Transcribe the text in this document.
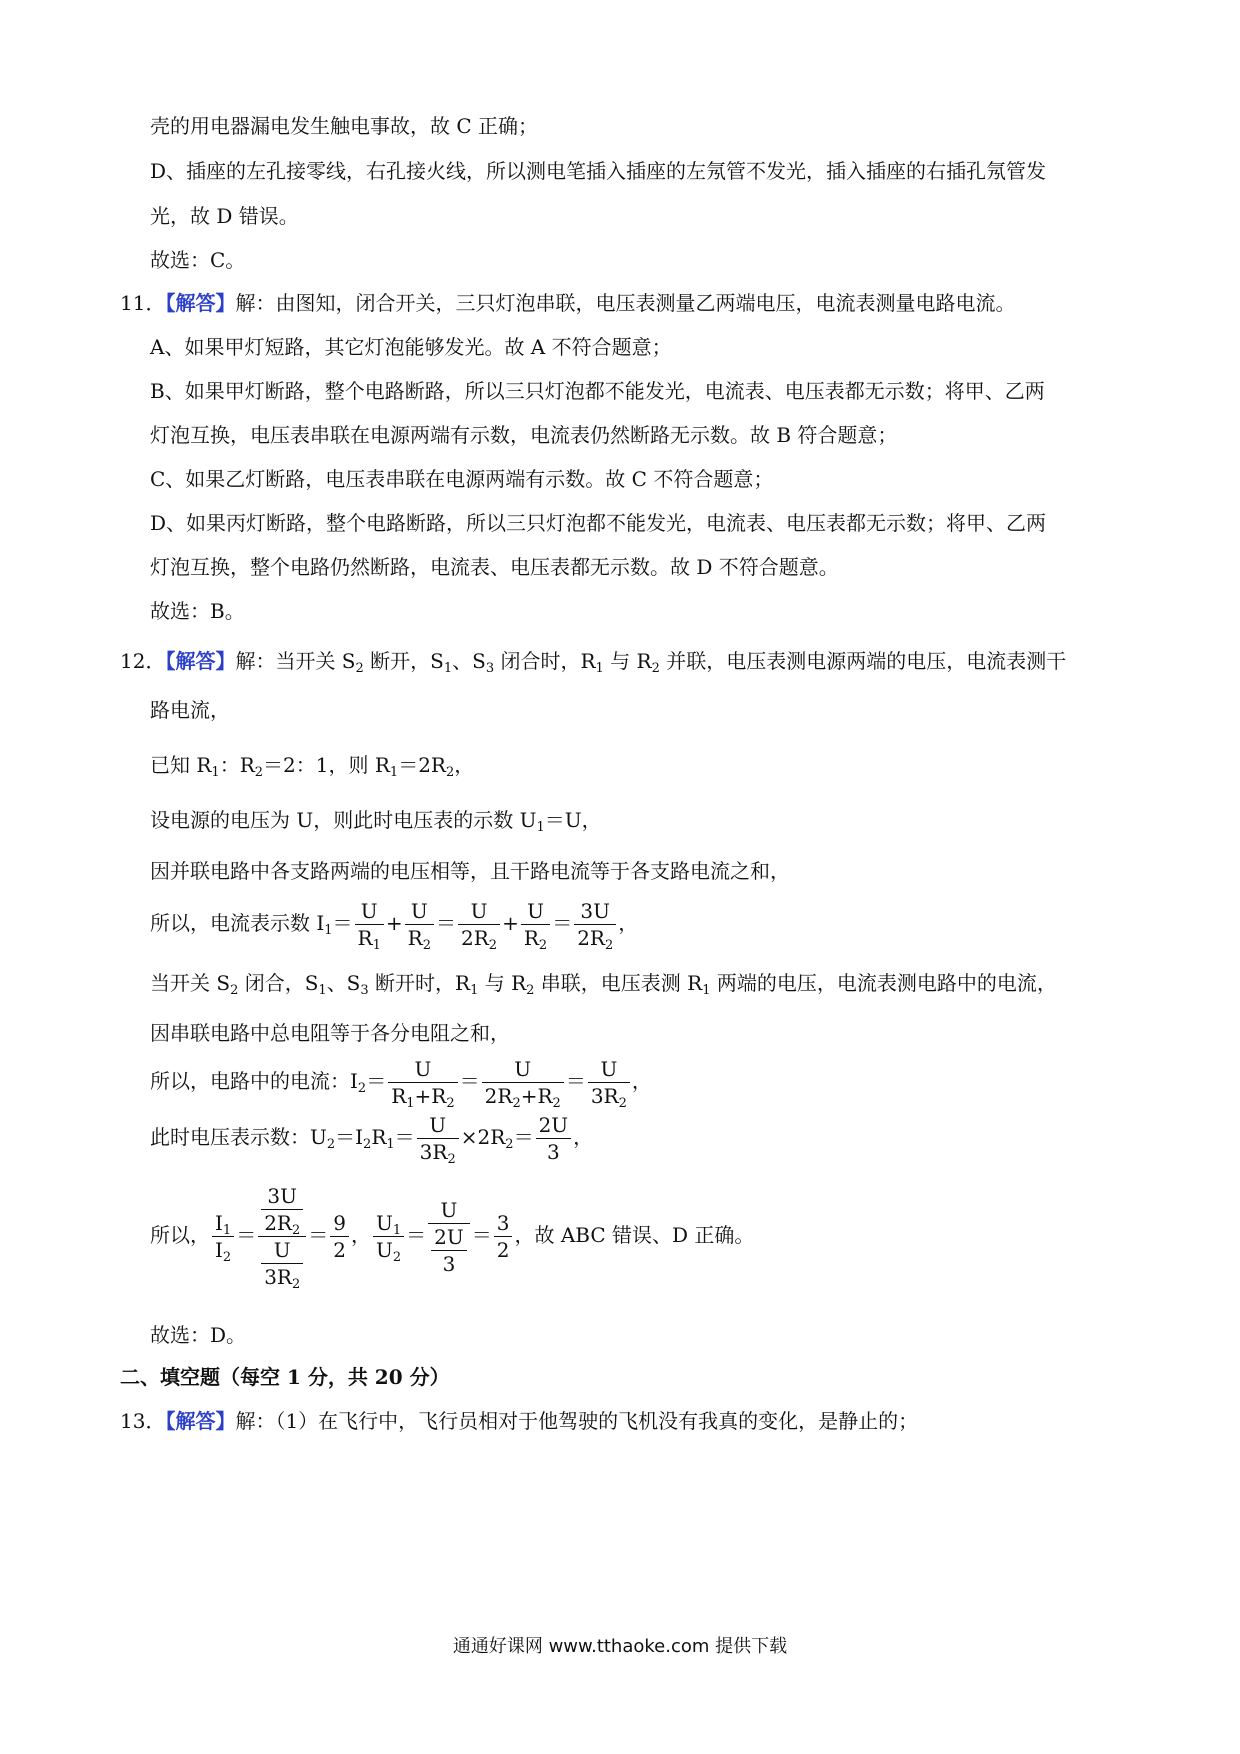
壳的用电器漏电发生触电事故，故 C 正确；
D、插座的左孔接零线，右孔接火线，所以测电笔插入插座的左氖管不发光，插入插座的右插孔氖管发
光，故 D 错误。
故选：C。
11．【解答】解：由图知，闭合开关，三只灯泡串联，电压表测量乙两端电压，电流表测量电路电流。
A、如果甲灯短路，其它灯泡能够发光。故 A 不符合题意；
B、如果甲灯断路，整个电路断路，所以三只灯泡都不能发光，电流表、电压表都无示数；将甲、乙两
灯泡互换，电压表串联在电源两端有示数，电流表仍然断路无示数。故 B 符合题意；
C、如果乙灯断路，电压表串联在电源两端有示数。故 C 不符合题意；
D、如果丙灯断路，整个电路断路，所以三只灯泡都不能发光，电流表、电压表都无示数；将甲、乙两
灯泡互换，整个电路仍然断路，电流表、电压表都无示数。故 D 不符合题意。
故选：B。
12．【解答】解：当开关 $S_2$ 断开，$S_1$、$S_3$ 闭合时，$R_1$ 与 $R_2$ 并联，电压表测电源两端的电压，电流表测干
路电流，
已知 $R_1$：$R_2=2$：1，则 $R_1=2R_2$，
设电源的电压为 U，则此时电压表的示数 $U_1=U$，
因并联电路中各支路两端的电压相等，且干路电流等于各支路电流之和，
所以，电流表示数 $I_1= \frac{U}{R_1} + \frac{U}{R_2} = \frac{U}{2R_2} + \frac{U}{R_2} = \frac{3U}{2R_2}$ ，
当开关 $S_2$ 闭合，$S_1$、$S_3$ 断开时，$R_1$ 与 $R_2$ 串联，电压表测 $R_1$ 两端的电压，电流表测电路中的电流，
因串联电路中总电阻等于各分电阻之和，
所以，电路中的电流：$I_2= \frac{U}{R_1+R_2} = \frac{U}{2R_2+R_2} = \frac{U}{3R_2}$ ，
此时电压表示数：$U_2=I_2R_1= \frac{U}{3R_2} \times 2R_2= \frac{2U}{3}$ ，
所以， $\frac{I_1}{I_2} = \frac{\frac{3U}{2R_2}}{\frac{U}{3R_2}} = \frac{9}{2}$ ， $\frac{U_1}{U_2} = \frac{U}{\frac{2U}{3}} = \frac{3}{2}$ ，故 ABC 错误、D 正确。
故选：D。
二、填空题（每空 1 分，共 20 分）
13．【解答】解：（1）在飞行中，飞行员相对于他驾驶的飞机没有我真的变化，是静止的；
通通好课网 www.tthaoke.com 提供下载
